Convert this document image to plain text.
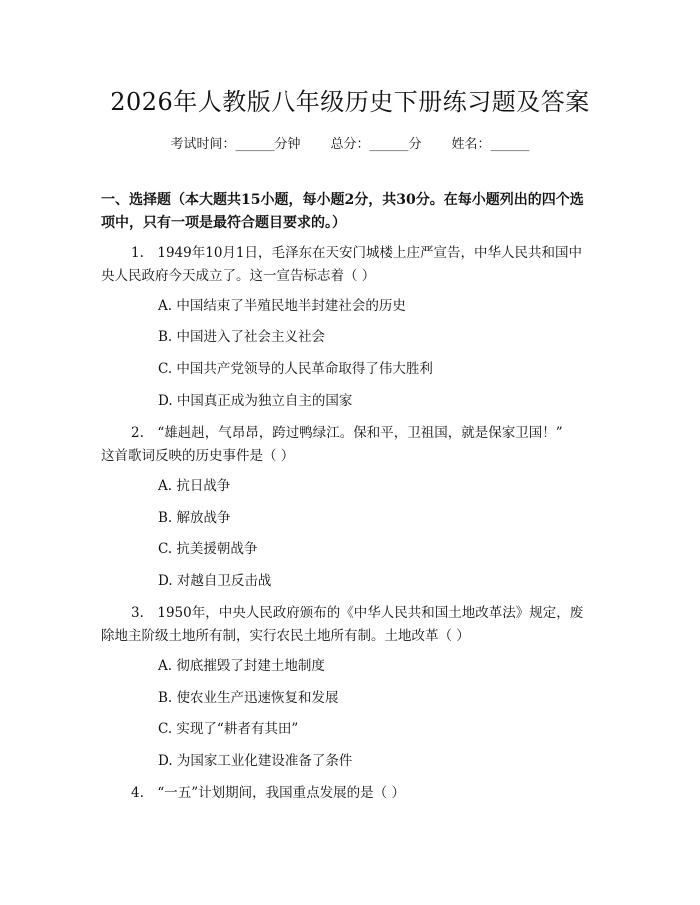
2026年人教版八年级历史下册练习题及答案
考试时间：______分钟 总分：______分 姓名：______
一、选择题（本大题共15小题，每小题2分，共30分。在每小题列出的四个选
项中，只有一项是最符合题目要求的。）
1.　1949年10月1日，毛泽东在天安门城楼上庄严宣告，中华人民共和国中
央人民政府今天成立了。这一宣告标志着（ ）
A. 中国结束了半殖民地半封建社会的历史
B. 中国进入了社会主义社会
C. 中国共产党领导的人民革命取得了伟大胜利
D. 中国真正成为独立自主的国家
2.　“雄赳赳，气昂昂，跨过鸭绿江。保和平，卫祖国，就是保家卫国！”
这首歌词反映的历史事件是（ ）
A. 抗日战争
B. 解放战争
C. 抗美援朝战争
D. 对越自卫反击战
3.　1950年，中央人民政府颁布的《中华人民共和国土地改革法》规定，废
除地主阶级土地所有制，实行农民土地所有制。土地改革（ ）
A. 彻底摧毁了封建土地制度
B. 使农业生产迅速恢复和发展
C. 实现了“耕者有其田”
D. 为国家工业化建设准备了条件
4.　“一五”计划期间，我国重点发展的是（ ）
